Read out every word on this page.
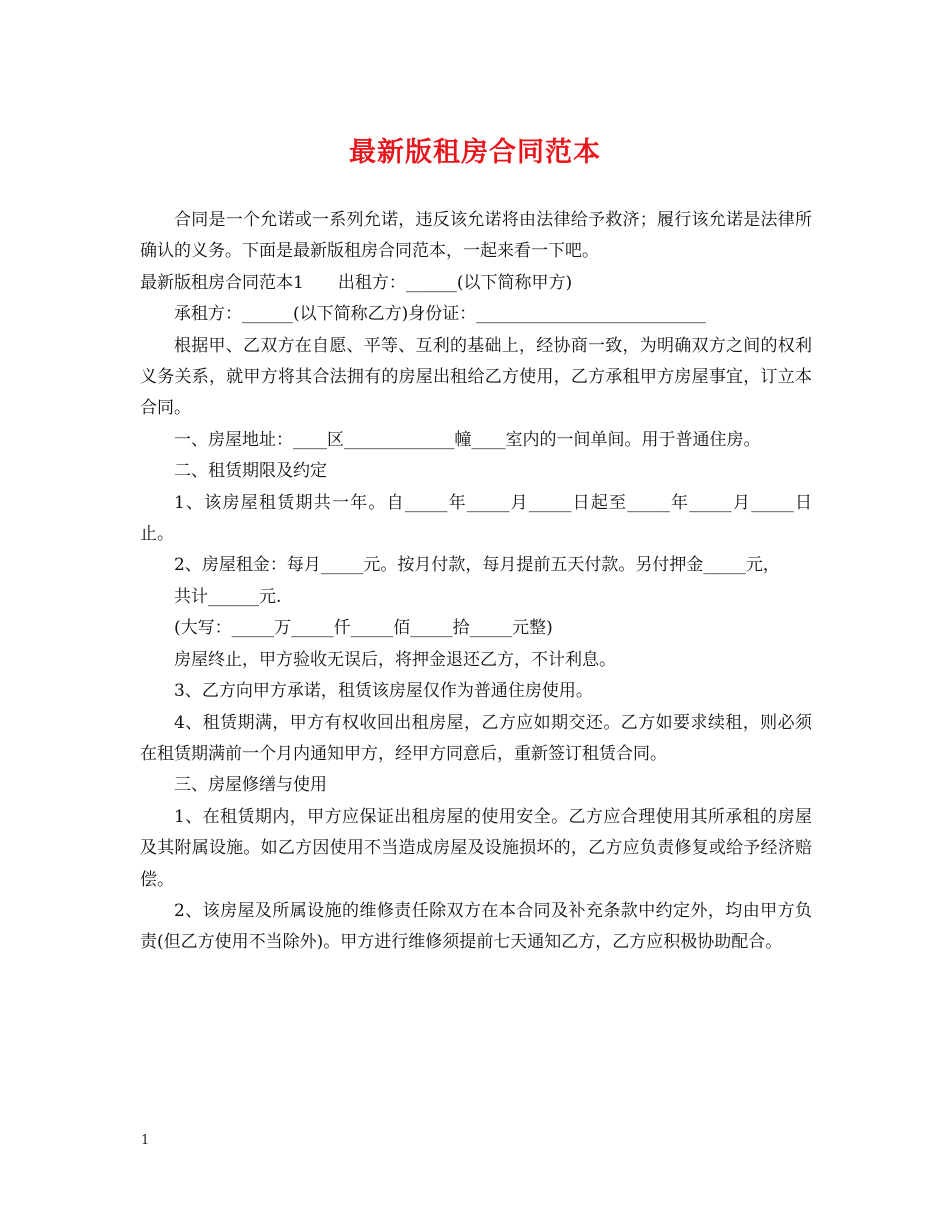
最新版租房合同范本

合同是一个允诺或一系列允诺，违反该允诺将由法律给予救济；履行该允诺是法律所确认的义务。下面是最新版租房合同范本，一起来看一下吧。

最新版租房合同范本1　　出租方：______(以下简称甲方)

承租方：______(以下简称乙方)身份证：___________________________

根据甲、乙双方在自愿、平等、互利的基础上，经协商一致，为明确双方之间的权利义务关系，就甲方将其合法拥有的房屋出租给乙方使用，乙方承租甲方房屋事宜，订立本合同。

一、房屋地址：____区_____________幢____室内的一间单间。用于普通住房。

二、租赁期限及约定

1、该房屋租赁期共一年。自_____年_____月_____日起至_____年_____月_____日止。

2、房屋租金：每月_____元。按月付款，每月提前五天付款。另付押金_____元，

共计______元.

(大写：_____万_____仟_____佰_____拾_____元整)

房屋终止，甲方验收无误后，将押金退还乙方，不计利息。

3、乙方向甲方承诺，租赁该房屋仅作为普通住房使用。

4、租赁期满，甲方有权收回出租房屋，乙方应如期交还。乙方如要求续租，则必须在租赁期满前一个月内通知甲方，经甲方同意后，重新签订租赁合同。

三、房屋修缮与使用

1、在租赁期内，甲方应保证出租房屋的使用安全。乙方应合理使用其所承租的房屋及其附属设施。如乙方因使用不当造成房屋及设施损坏的，乙方应负责修复或给予经济赔偿。

2、该房屋及所属设施的维修责任除双方在本合同及补充条款中约定外，均由甲方负责(但乙方使用不当除外)。甲方进行维修须提前七天通知乙方，乙方应积极协助配合。

1
